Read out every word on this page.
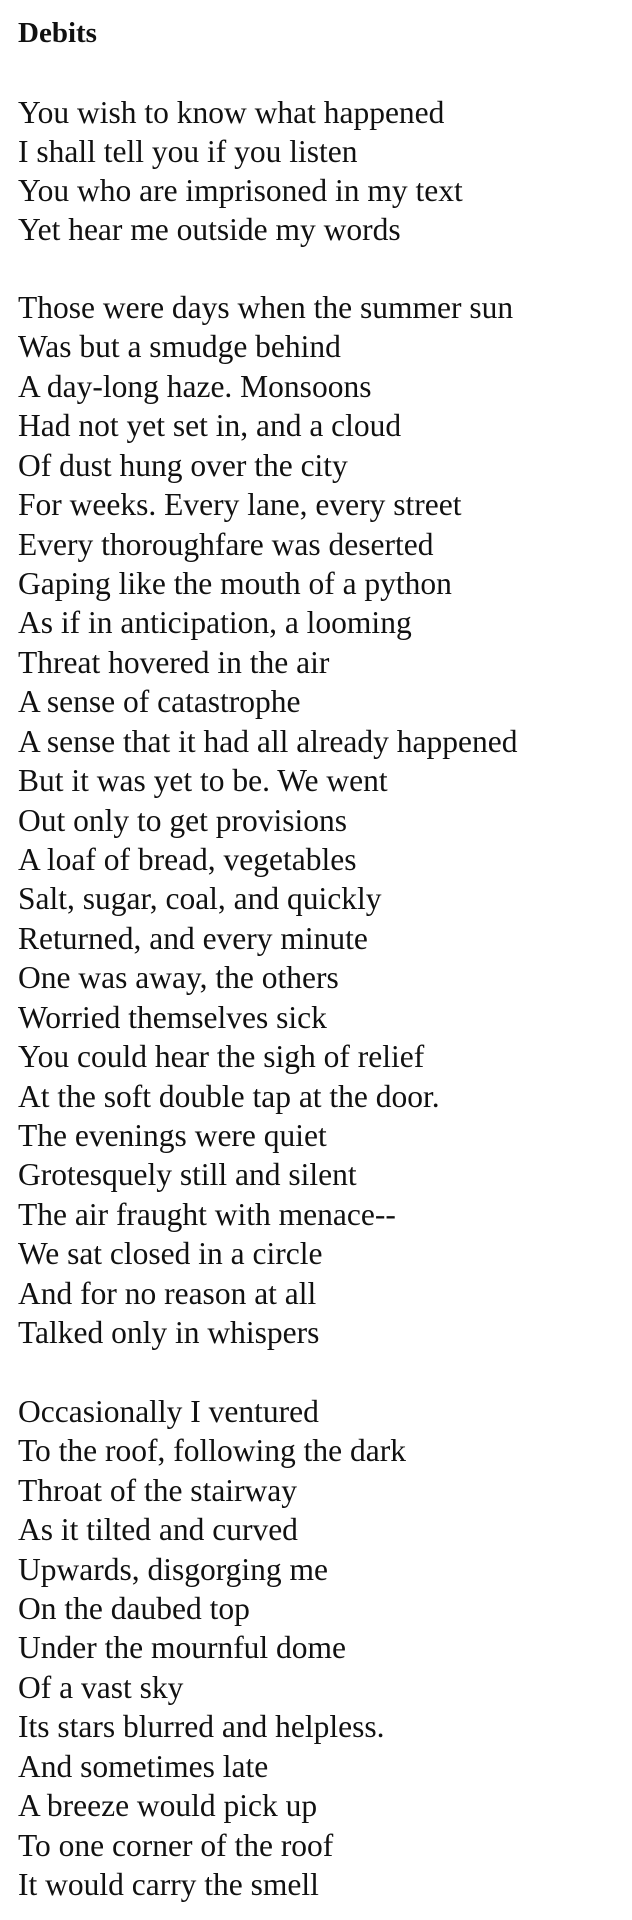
Debits

You wish to know what happened

I shall tell you if you listen

You who are imprisoned in my text

Yet hear me outside my words

Those were days when the summer sun

Was but a smudge behind

A day-long haze. Monsoons

Had not yet set in, and a cloud

Of dust hung over the city

For weeks. Every lane, every street

Every thoroughfare was deserted

Gaping like the mouth of a python

As if in anticipation, a looming

Threat hovered in the air

A sense of catastrophe

A sense that it had all already happened

But it was yet to be. We went

Out only to get provisions

A loaf of bread, vegetables

Salt, sugar, coal, and quickly

Returned, and every minute

One was away, the others

Worried themselves sick

You could hear the sigh of relief

At the soft double tap at the door.

The evenings were quiet

Grotesquely still and silent

The air fraught with menace--

We sat closed in a circle

And for no reason at all

Talked only in whispers

Occasionally I ventured

To the roof, following the dark

Throat of the stairway

As it tilted and curved

Upwards, disgorging me

On the daubed top

Under the mournful dome

Of a vast sky

Its stars blurred and helpless.

And sometimes late

A breeze would pick up

To one corner of the roof

It would carry the smell
